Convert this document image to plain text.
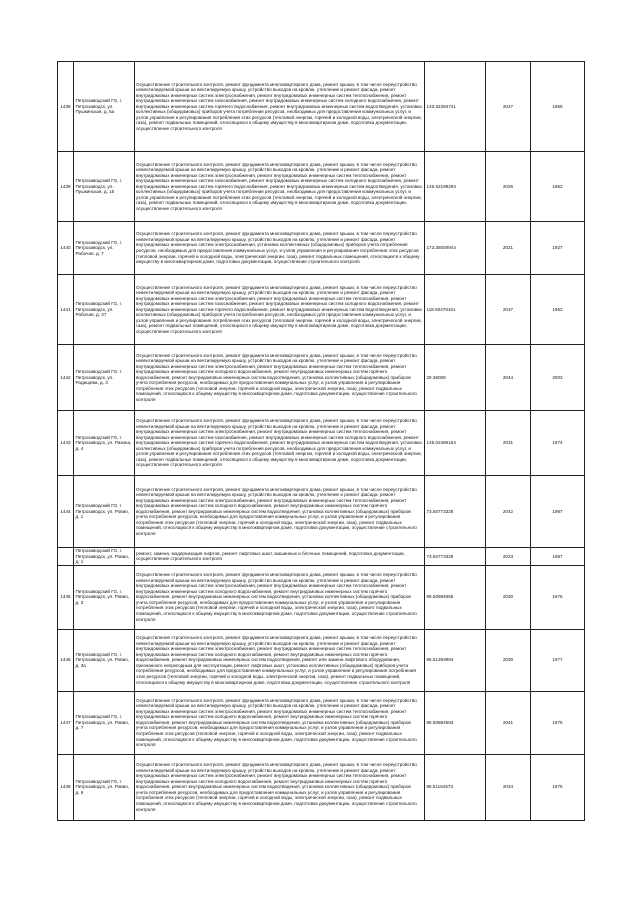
1438	Петрозаводский ГО, г. Петрозаводск, ул. Пушкинская, д. 5а	Осуществление строительного контроля, ремонт фундамента многоквартирного дома, ремонт крыши, в том числе переустройство невентилируемой крыши на вентилируемую крышу, устройство выходов на кровлю, утепление и ремонт фасада, ремонт внутридомовых инженерных систем электроснабжения, ремонт внутридомовых инженерных систем теплоснабжения, ремонт внутридомовых инженерных систем газоснабжения, ремонт внутридомовых инженерных систем холодного водоснабжения, ремонт внутридомовых инженерных систем горячего водоснабжения, ремонт внутридомовых инженерных систем водоотведения, установка коллективных (общедомовых) приборов учета потребления ресурсов, необходимых для предоставления коммунальных услуг, и узлов управления и регулирования потребления этих ресурсов (тепловой энергии, горячей и холодной воды, электрической энергии, газа), ремонт подвальных помещений, относящихся к общему имуществу в многоквартирном доме, подготовка документации, осуществление строительного контроля	133.32394741	2027	1958
1439	Петрозаводский ГО, г. Петрозаводск, ул. Пушкинская, д. 15	Осуществление строительного контроля, ремонт фундамента многоквартирного дома, ремонт крыши, в том числе переустройство невентилируемой крыши на вентилируемую крышу, устройство выходов на кровлю, утепление и ремонт фасада, ремонт внутридомовых инженерных систем электроснабжения, ремонт внутридомовых инженерных систем теплоснабжения, ремонт внутридомовых инженерных систем газоснабжения, ремонт внутридомовых инженерных систем холодного водоснабжения, ремонт внутридомовых инженерных систем горячего водоснабжения, ремонт внутридомовых инженерных систем водоотведения, установка коллективных (общедомовых) приборов учета потребления ресурсов, необходимых для предоставления коммунальных услуг, и узлов управления и регулирования потребления этих ресурсов (тепловой энергии, горячей и холодной воды, электрической энергии, газа), ремонт подвальных помещений, относящихся к общему имуществу в многоквартирном доме, подготовка документации, осуществление строительного контроля	135.52199294	2026	1962
1440	Петрозаводский ГО, г. Петрозаводск, ул. Рабочая, д. 7	Осуществление строительного контроля, ремонт фундамента многоквартирного дома, ремонт крыши, в том числе переустройство невентилируемой крыши на вентилируемую крышу, устройство выходов на кровлю, утепление и ремонт фасада, ремонт внутридомовых инженерных систем электроснабжения, установка коллективных (общедомовых) приборов учета потребления ресурсов, необходимых для предоставления коммунальных услуг, и узлов управления и регулирования потребления этих ресурсов (тепловой энергии, горячей и холодной воды, электрической энергии, газа), ремонт подвальных помещений, относящихся к общему имуществу в многоквартирном доме, подготовка документации, осуществление строительного контроля	173.35000944	2021	1927
1441	Петрозаводский ГО, г. Петрозаводск, ул. Рабочая, д. 37	Осуществление строительного контроля, ремонт фундамента многоквартирного дома, ремонт крыши, в том числе переустройство невентилируемой крыши на вентилируемую крышу, устройство выходов на кровлю, утепление и ремонт фасада, ремонт внутридомовых инженерных систем электроснабжения, ремонт внутридомовых инженерных систем теплоснабжения, ремонт внутридомовых инженерных систем газоснабжения, ремонт внутридомовых инженерных систем холодного водоснабжения, ремонт внутридомовых инженерных систем горячего водоснабжения, ремонт внутридомовых инженерных систем водоотведения, установка коллективных (общедомовых) приборов учета потребления ресурсов, необходимых для предоставления коммунальных услуг, и узлов управления и регулирования потребления этих ресурсов (тепловой энергии, горячей и холодной воды, электрической энергии, газа), ремонт подвальных помещений, относящихся к общему имуществу в многоквартирном доме, подготовка документации, осуществление строительного контроля	118.50478161	2037	1962
1442	Петрозаводский ГО, г. Петрозаводск, ул. Радищева, д. 3	Осуществление строительного контроля, ремонт фундамента многоквартирного дома, ремонт крыши, в том числе переустройство невентилируемой крыши на вентилируемую крышу, устройство выходов на кровлю, утепление и ремонт фасада, ремонт внутридомовых инженерных систем электроснабжения, ремонт внутридомовых инженерных систем теплоснабжения, ремонт внутридомовых инженерных систем холодного водоснабжения, ремонт внутридомовых инженерных систем горячего водоснабжения, ремонт внутридомовых инженерных систем водоотведения, установка коллективных (общедомовых) приборов учета потребления ресурсов, необходимых для предоставления коммунальных услуг, и узлов управления и регулирования потребления этих ресурсов (тепловой энергии, горячей и холодной воды, электрической энергии, газа), ремонт подвальных помещений, относящихся к общему имуществу в многоквартирном доме, подготовка документации, осуществление строительного контроля	29.36008	2044	2003
1443	Петрозаводский ГО, г. Петрозаводск, ул. Разина, д. 4	Осуществление строительного контроля, ремонт фундамента многоквартирного дома, ремонт крыши, в том числе переустройство невентилируемой крыши на вентилируемую крышу, устройство выходов на кровлю, утепление и ремонт фасада, ремонт внутридомовых инженерных систем электроснабжения, ремонт внутридомовых инженерных систем теплоснабжения, ремонт внутридомовых инженерных систем газоснабжения, ремонт внутридомовых инженерных систем холодного водоснабжения, ремонт внутридомовых инженерных систем горячего водоснабжения, ремонт внутридомовых инженерных систем водоотведения, установка коллективных (общедомовых) приборов учета потребления ресурсов, необходимых для предоставления коммунальных услуг, и узлов управления и регулирования потребления этих ресурсов (тепловой энергии, горячей и холодной воды, электрической энергии, газа), ремонт подвальных помещений, относящихся к общему имуществу в многоквартирном доме, подготовка документации, осуществление строительного контроля	135.02486164	2031	1974
1444	Петрозаводский ГО, г. Петрозаводск, ул. Ровио, д. 1	Осуществление строительного контроля, ремонт фундамента многоквартирного дома, ремонт крыши, в том числе переустройство невентилируемой крыши на вентилируемую крышу, устройство выходов на кровлю, утепление и ремонт фасада, ремонт внутридомовых инженерных систем электроснабжения, ремонт внутридомовых инженерных систем теплоснабжения, ремонт внутридомовых инженерных систем холодного водоснабжения, ремонт внутридомовых инженерных систем горячего водоснабжения, ремонт внутридомовых инженерных систем водоотведения, установка коллективных (общедомовых) приборов учета потребления ресурсов, необходимых для предоставления коммунальных услуг, и узлов управления и регулирования потребления этих ресурсов (тепловой энергии, горячей и холодной воды, электрической энергии, газа), ремонт подвальных помещений, относящихся к общему имуществу в многоквартирном доме, подготовка документации, осуществление строительного контроля	73.50773328	2042	1987
	Петрозаводский ГО, г. Петрозаводск, ул. Ровио, д. 1	ремонт, замена, модернизация лифтов, ремонт лифтовых шахт, машинных и блочных помещений, подготовка документации, осуществление строительного контроля	73.50773328	2023	1987
1445	Петрозаводский ГО, г. Петрозаводск, ул. Ровио, д. 3	Осуществление строительного контроля, ремонт фундамента многоквартирного дома, ремонт крыши, в том числе переустройство невентилируемой крыши на вентилируемую крышу, устройство выходов на кровлю, утепление и ремонт фасада, ремонт внутридомовых инженерных систем электроснабжения, ремонт внутридомовых инженерных систем теплоснабжения, ремонт внутридомовых инженерных систем холодного водоснабжения, ремонт внутридомовых инженерных систем горячего водоснабжения, ремонт внутридомовых инженерных систем водоотведения, установка коллективных (общедомовых) приборов учета потребления ресурсов, необходимых для предоставления коммунальных услуг, и узлов управления и регулирования потребления этих ресурсов (тепловой энергии, горячей и холодной воды, электрической энергии, газа), ремонт подвальных помещений, относящихся к общему имуществу в многоквартирном доме, подготовка документации, осуществление строительного контроля	95.50984655	2030	1976
1446	Петрозаводский ГО, г. Петрозаводск, ул. Ровио, д. 3а	Осуществление строительного контроля, ремонт фундамента многоквартирного дома, ремонт крыши, в том числе переустройство невентилируемой крыши на вентилируемую крышу, устройство выходов на кровлю, утепление и ремонт фасада, ремонт внутридомовых инженерных систем электроснабжения, ремонт внутридомовых инженерных систем теплоснабжения, ремонт внутридомовых инженерных систем холодного водоснабжения, ремонт внутридомовых инженерных систем горячего водоснабжения, ремонт внутридомовых инженерных систем водоотведения, ремонт или замена лифтового оборудования, признанного непригодным для эксплуатации, ремонт лифтовых шахт, установка коллективных (общедомовых) приборов учета потребления ресурсов, необходимых для предоставления коммунальных услуг, и узлов управления и регулирования потребления этих ресурсов (тепловой энергии, горячей и холодной воды, электрической энергии, газа), ремонт подвальных помещений, относящихся к общему имуществу в многоквартирном доме, подготовка документации, осуществление строительного контроля	95.51393994	2030	1977
1447	Петрозаводский ГО, г. Петрозаводск, ул. Ровио, д. 7	Осуществление строительного контроля, ремонт фундамента многоквартирного дома, ремонт крыши, в том числе переустройство невентилируемой крыши на вентилируемую крышу, устройство выходов на кровлю, утепление и ремонт фасада, ремонт внутридомовых инженерных систем электроснабжения, ремонт внутридомовых инженерных систем теплоснабжения, ремонт внутридомовых инженерных систем холодного водоснабжения, ремонт внутридомовых инженерных систем горячего водоснабжения, ремонт внутридомовых инженерных систем водоотведения, установка коллективных (общедомовых) приборов учета потребления ресурсов, необходимых для предоставления коммунальных услуг, и узлов управления и регулирования потребления этих ресурсов (тепловой энергии, горячей и холодной воды, электрической энергии, газа), ремонт подвальных помещений, относящихся к общему имуществу в многоквартирном доме, подготовка документации, осуществление строительного контроля	95.50884583	2041	1976
1448	Петрозаводский ГО, г. Петрозаводск, ул. Ровио, д. 9	Осуществление строительного контроля, ремонт фундамента многоквартирного дома, ремонт крыши, в том числе переустройство невентилируемой крыши на вентилируемую крышу, устройство выходов на кровлю, утепление и ремонт фасада, ремонт внутридомовых инженерных систем электроснабжения, ремонт внутридомовых инженерных систем теплоснабжения, ремонт внутридомовых инженерных систем холодного водоснабжения, ремонт внутридомовых инженерных систем горячего водоснабжения, ремонт внутридомовых инженерных систем водоотведения, установка коллективных (общедомовых) приборов учета потребления ресурсов, необходимых для предоставления коммунальных услуг, и узлов управления и регулирования потребления этих ресурсов (тепловой энергии, горячей и холодной воды, электрической энергии, газа), ремонт подвальных помещений, относящихся к общему имуществу в многоквартирном доме, подготовка документации, осуществление строительного контроля	95.51164573	2034	1976
